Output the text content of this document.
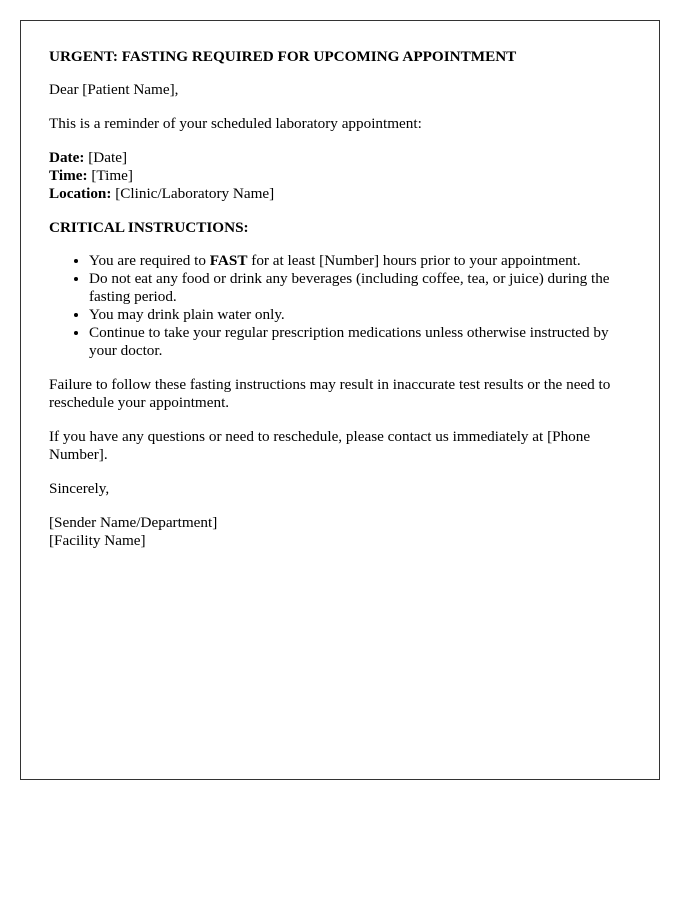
URGENT: FASTING REQUIRED FOR UPCOMING APPOINTMENT

Dear [Patient Name],

This is a reminder of your scheduled laboratory appointment:

Date: [Date]
Time: [Time]
Location: [Clinic/Laboratory Name]
CRITICAL INSTRUCTIONS:
• You are required to FAST for at least [Number] hours prior to your appointment.
• Do not eat any food or drink any beverages (including coffee, tea, or juice) during the fasting period.
• You may drink plain water only.
• Continue to take your regular prescription medications unless otherwise instructed by your doctor.

Failure to follow these fasting instructions may result in inaccurate test results or the need to reschedule your appointment.

If you have any questions or need to reschedule, please contact us immediately at [Phone Number].

Sincerely,

[Sender Name/Department]
[Facility Name]
